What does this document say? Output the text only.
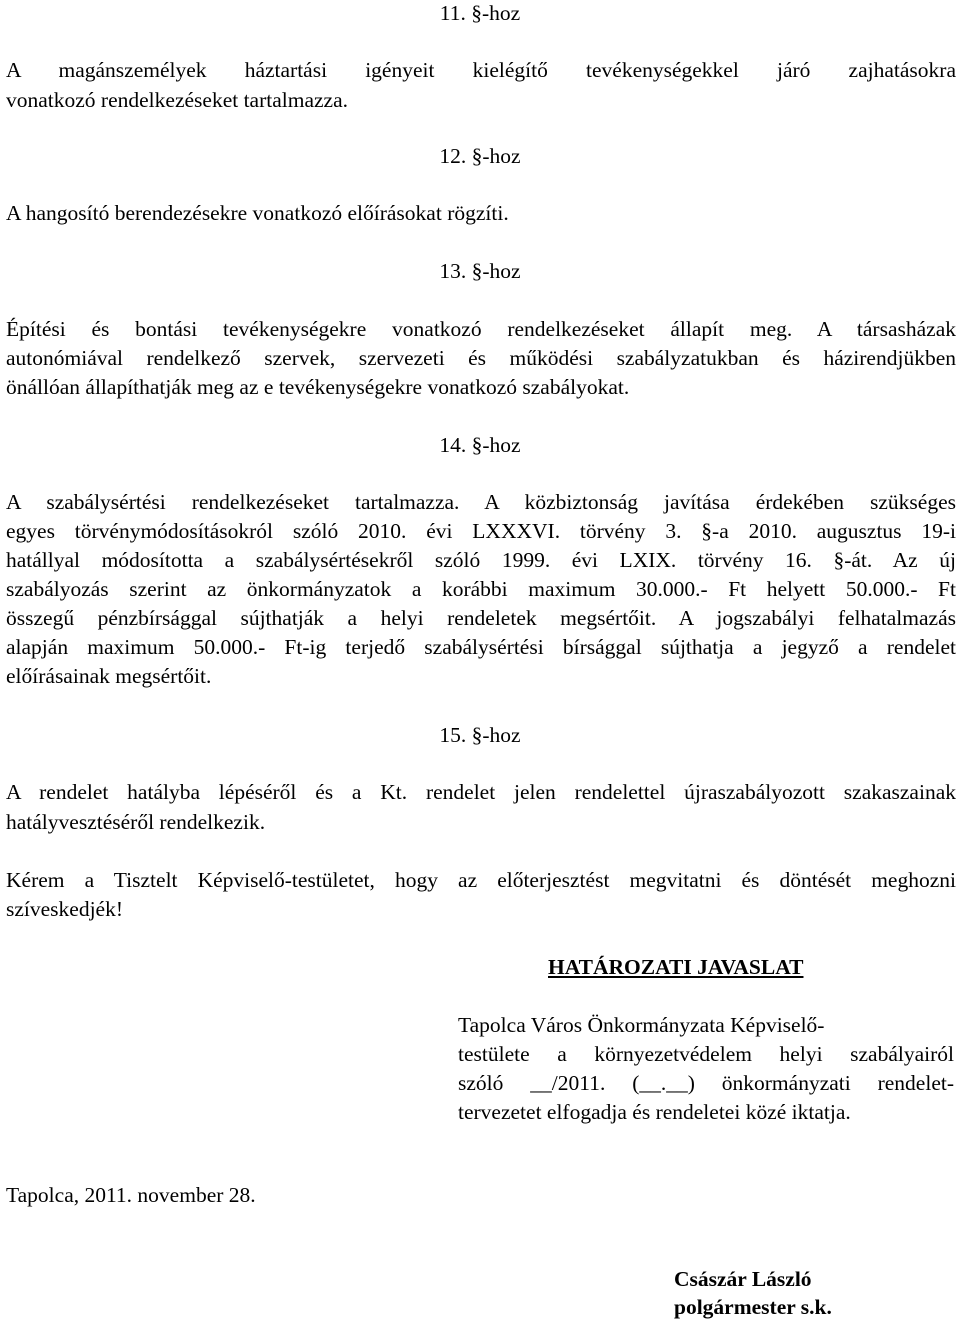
11. §-hoz
A magánszemélyek háztartási igényeit kielégítő tevékenységekkel járó zajhatásokra
vonatkozó rendelkezéseket tartalmazza.
12. §-hoz
A hangosító berendezésekre vonatkozó előírásokat rögzíti.
13. §-hoz
Építési és bontási tevékenységekre vonatkozó rendelkezéseket állapít meg. A társasházak
autonómiával rendelkező szervek, szervezeti és működési szabályzatukban és házirendjükben
önállóan állapíthatják meg az e tevékenységekre vonatkozó szabályokat.
14. §-hoz
A szabálysértési rendelkezéseket tartalmazza. A közbiztonság javítása érdekében szükséges
egyes törvénymódosításokról szóló 2010. évi LXXXVI. törvény 3. §-a 2010. augusztus 19-i
hatállyal módosította a szabálysértésekről szóló 1999. évi LXIX. törvény 16. §-át. Az új
szabályozás szerint az önkormányzatok a korábbi maximum 30.000.- Ft helyett 50.000.- Ft
összegű pénzbírsággal sújthatják a helyi rendeletek megsértőit. A jogszabályi felhatalmazás
alapján maximum 50.000.- Ft-ig terjedő szabálysértési bírsággal sújthatja a jegyző a rendelet
előírásainak megsértőit.
15. §-hoz
A rendelet hatályba lépéséről és a Kt. rendelet jelen rendelettel újraszabályozott szakaszainak
hatályvesztéséről rendelkezik.
Kérem a Tisztelt Képviselő-testületet, hogy az előterjesztést megvitatni és döntését meghozni
szíveskedjék!
HATÁROZATI JAVASLAT
Tapolca Város Önkormányzata Képviselő-
testülete a környezetvédelem helyi szabályairól
szóló __/2011. (__.__) önkormányzati rendelet-
tervezetet elfogadja és rendeletei közé iktatja.
Tapolca, 2011. november 28.
Császár László
polgármester s.k.
